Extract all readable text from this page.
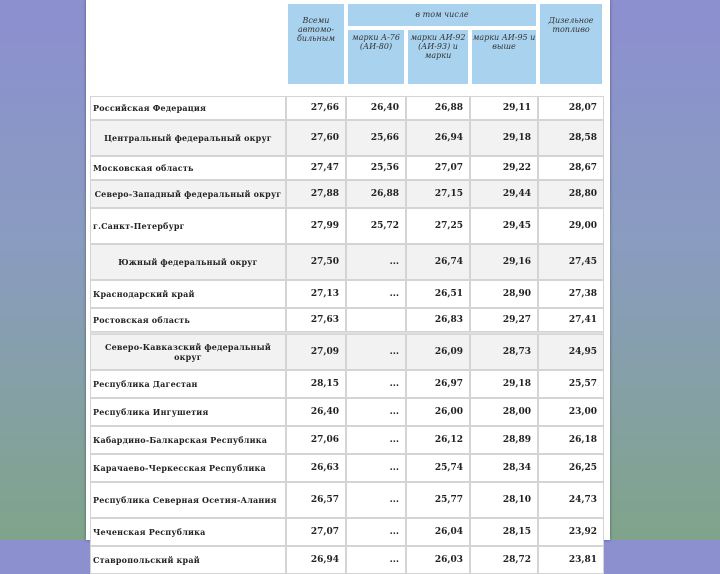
	Всеми автомо-бильным	в том числе			Дизельное топливо
		марки А-76 (АИ-80)	марки АИ-92 (АИ-93) и марки	марки АИ-95 и выше	

Российская Федерация	27,66	26,40	26,88	29,11	28,07
Центральный федеральный округ	27,60	25,66	26,94	29,18	28,58
Московская область	27,47	25,56	27,07	29,22	28,67
Северо-Западный федеральный округ	27,88	26,88	27,15	29,44	28,80
г.Санкт-Петербург	27,99	25,72	27,25	29,45	29,00
Южный федеральный округ	27,50	...	26,74	29,16	27,45
Краснодарский край	27,13	...	26,51	28,90	27,38
Ростовская область	27,63		26,83	29,27	27,41

Северо-Кавказский федеральный округ	27,09	...	26,09	28,73	24,95
Республика Дагестан	28,15	...	26,97	29,18	25,57
Республика Ингушетия	26,40	...	26,00	28,00	23,00
Кабардино-Балкарская Республика	27,06	...	26,12	28,89	26,18
Карачаево-Черкесская Республика	26,63	...	25,74	28,34	26,25
Республика Северная Осетия-Алания	26,57	...	25,77	28,10	24,73
Чеченская Республика	27,07	...	26,04	28,15	23,92
Ставропольский край	26,94	...	26,03	28,72	23,81
